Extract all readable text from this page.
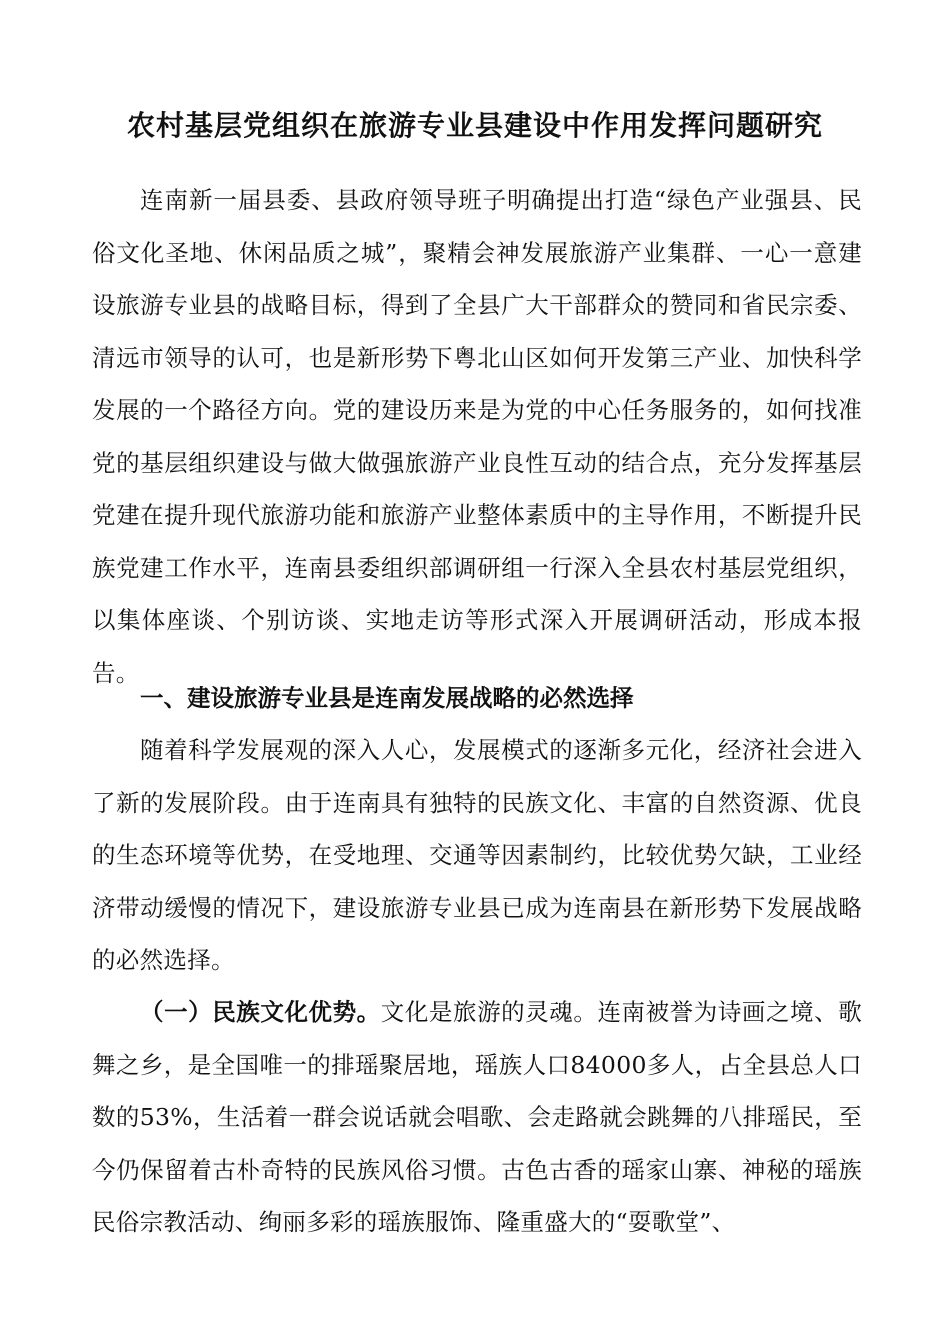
农村基层党组织在旅游专业县建设中作用发挥问题研究

连南新一届县委、县政府领导班子明确提出打造“绿色产业强县、民俗文化圣地、休闲品质之城”，聚精会神发展旅游产业集群、一心一意建设旅游专业县的战略目标，得到了全县广大干部群众的赞同和省民宗委、清远市领导的认可，也是新形势下粤北山区如何开发第三产业、加快科学发展的一个路径方向。党的建设历来是为党的中心任务服务的，如何找准党的基层组织建设与做大做强旅游产业良性互动的结合点，充分发挥基层党建在提升现代旅游功能和旅游产业整体素质中的主导作用，不断提升民族党建工作水平，连南县委组织部调研组一行深入全县农村基层党组织，以集体座谈、个别访谈、实地走访等形式深入开展调研活动，形成本报告。

一、建设旅游专业县是连南发展战略的必然选择

随着科学发展观的深入人心，发展模式的逐渐多元化，经济社会进入了新的发展阶段。由于连南具有独特的民族文化、丰富的自然资源、优良的生态环境等优势，在受地理、交通等因素制约，比较优势欠缺，工业经济带动缓慢的情况下，建设旅游专业县已成为连南县在新形势下发展战略的必然选择。

（一）民族文化优势。文化是旅游的灵魂。连南被誉为诗画之境、歌舞之乡，是全国唯一的排瑶聚居地，瑶族人口84000多人，占全县总人口数的53%，生活着一群会说话就会唱歌、会走路就会跳舞的八排瑶民，至今仍保留着古朴奇特的民族风俗习惯。古色古香的瑶家山寨、神秘的瑶族民俗宗教活动、绚丽多彩的瑶族服饰、隆重盛大的“耍歌堂”、
